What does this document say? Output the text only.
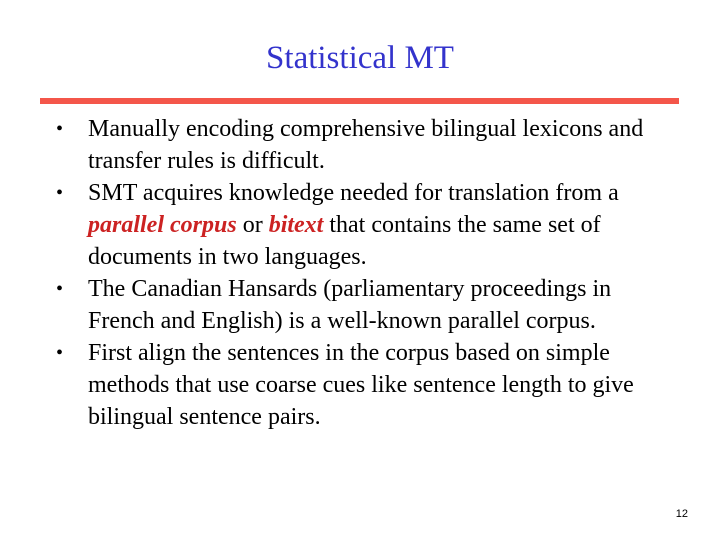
Statistical MT
• Manually encoding comprehensive bilingual lexicons and transfer rules is difficult.
• SMT acquires knowledge needed for translation from a parallel corpus or bitext that contains the same set of documents in two languages.
• The Canadian Hansards (parliamentary proceedings in French and English) is a well-known parallel corpus.
• First align the sentences in the corpus based on simple methods that use coarse cues like sentence length to give bilingual sentence pairs.
12
